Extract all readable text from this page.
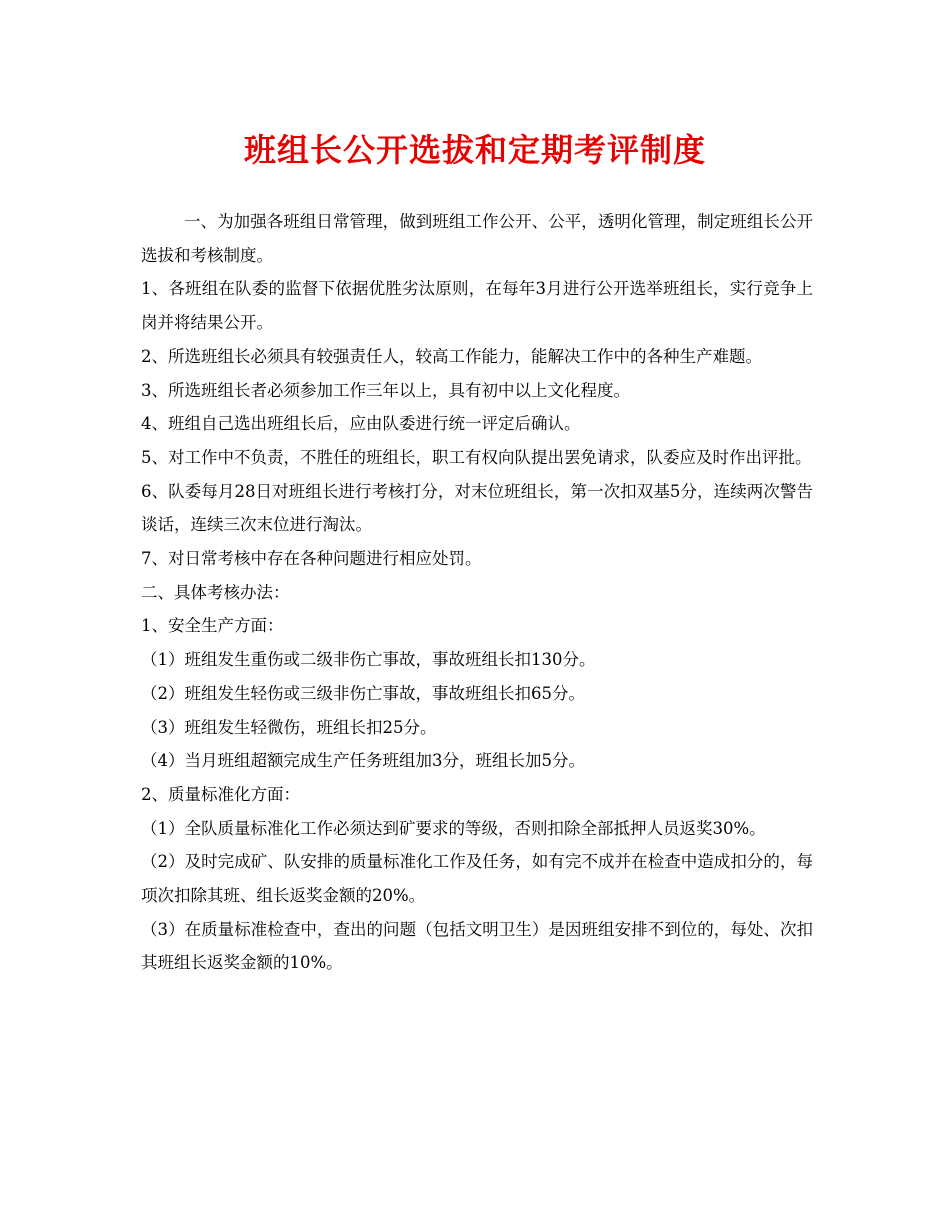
班组长公开选拔和定期考评制度

一、为加强各班组日常管理，做到班组工作公开、公平，透明化管理，制定班组长公开选拔和考核制度。

1、各班组在队委的监督下依据优胜劣汰原则，在每年3月进行公开选举班组长，实行竞争上岗并将结果公开。

2、所选班组长必须具有较强责任人，较高工作能力，能解决工作中的各种生产难题。

3、所选班组长者必须参加工作三年以上，具有初中以上文化程度。

4、班组自己选出班组长后，应由队委进行统一评定后确认。

5、对工作中不负责，不胜任的班组长，职工有权向队提出罢免请求，队委应及时作出评批。

6、队委每月28日对班组长进行考核打分，对末位班组长，第一次扣双基5分，连续两次警告谈话，连续三次末位进行淘汰。

7、对日常考核中存在各种问题进行相应处罚。

二、具体考核办法：

1、安全生产方面：

（1）班组发生重伤或二级非伤亡事故，事故班组长扣130分。

（2）班组发生轻伤或三级非伤亡事故，事故班组长扣65分。

（3）班组发生轻微伤，班组长扣25分。

（4）当月班组超额完成生产任务班组加3分，班组长加5分。

2、质量标准化方面：

（1）全队质量标准化工作必须达到矿要求的等级，否则扣除全部抵押人员返奖30%。

（2）及时完成矿、队安排的质量标准化工作及任务，如有完不成并在检查中造成扣分的，每项次扣除其班、组长返奖金额的20%。

（3）在质量标准检查中，查出的问题（包括文明卫生）是因班组安排不到位的，每处、次扣其班组长返奖金额的10%。
